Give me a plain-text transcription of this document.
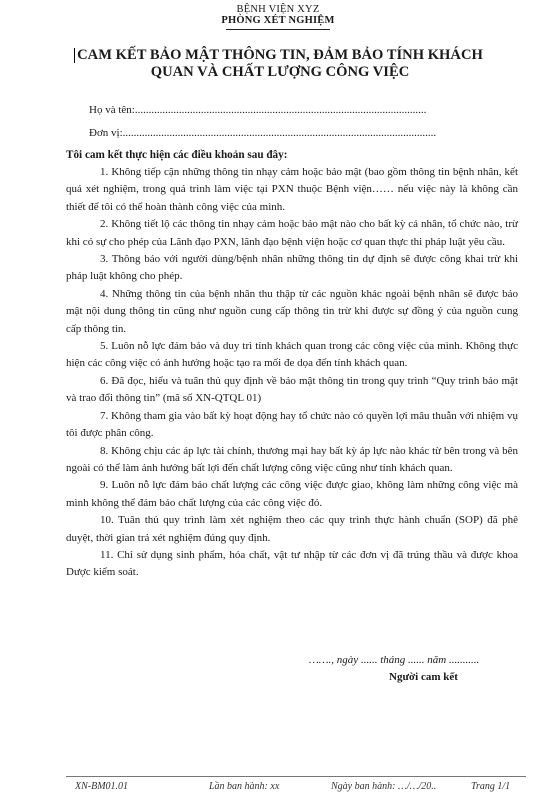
BỆNH VIỆN XYZ
PHÒNG XÉT NGHIỆM
CAM KẾT BẢO MẬT THÔNG TIN, ĐẢM BẢO TÍNH KHÁCH QUAN VÀ CHẤT LƯỢNG CÔNG VIỆC
Họ và tên:..........................................................................................................
Đơn vị:..................................................................................................................
Tôi cam kết thực hiện các điều khoản sau đây:

1. Không tiếp cận những thông tin nhạy cảm hoặc bảo mật (bao gồm thông tin bệnh nhân, kết quả xét nghiệm, trong quá trình làm việc tại PXN thuộc Bệnh viện…… nếu việc này là không cần thiết để tôi có thể hoàn thành công việc của mình.

2. Không tiết lộ các thông tin nhạy cảm hoặc bảo mật nào cho bất kỳ cá nhân, tổ chức nào, trừ khi có sự cho phép của Lãnh đạo PXN, lãnh đạo bệnh viện hoặc cơ quan thực thi pháp luật yêu cầu.

3. Thông báo với người dùng/bệnh nhân những thông tin dự định sẽ được công khai trừ khi pháp luật không cho phép.

4. Những thông tin của bệnh nhân thu thập từ các nguồn khác ngoài bệnh nhân sẽ được bảo mật nội dung thông tin cũng như nguồn cung cấp thông tin trừ khi được sự đồng ý của nguồn cung cấp thông tin.

5. Luôn nỗ lực đảm bảo và duy trì tính khách quan trong các công việc của mình. Không thực hiện các công việc có ảnh hưởng hoặc tạo ra mối đe dọa đến tính khách quan.

6. Đã đọc, hiểu và tuân thủ quy định về bảo mật thông tin trong quy trình “Quy trình bảo mật và trao đổi thông tin” (mã số XN-QTQL 01)

7. Không tham gia vào bất kỳ hoạt động hay tổ chức nào có quyền lợi mâu thuẫn với nhiệm vụ tôi được phân công.

8. Không chịu các áp lực tài chính, thương mại hay bất kỳ áp lực nào khác từ bên trong và bên ngoài có thể làm ảnh hưởng bất lợi đến chất lượng công việc cũng như tính khách quan.

9. Luôn nỗ lực đảm bảo chất lượng các công việc được giao, không làm những công việc mà mình không thể đảm bảo chất lượng của các công việc đó.

10. Tuân thủ quy trình làm xét nghiệm theo các quy trình thực hành chuẩn (SOP) đã phê duyệt, thời gian trả xét nghiệm đúng quy định.

11. Chỉ sử dụng sinh phẩm, hóa chất, vật tư nhập từ các đơn vị đã trúng thầu và được khoa Dược kiểm soát.

……., ngày ...... tháng ...... năm ...........
Người cam kết
XN-BM01.01	Lần ban hành: xx	Ngày ban hành: …/…/20..	Trang 1/1
